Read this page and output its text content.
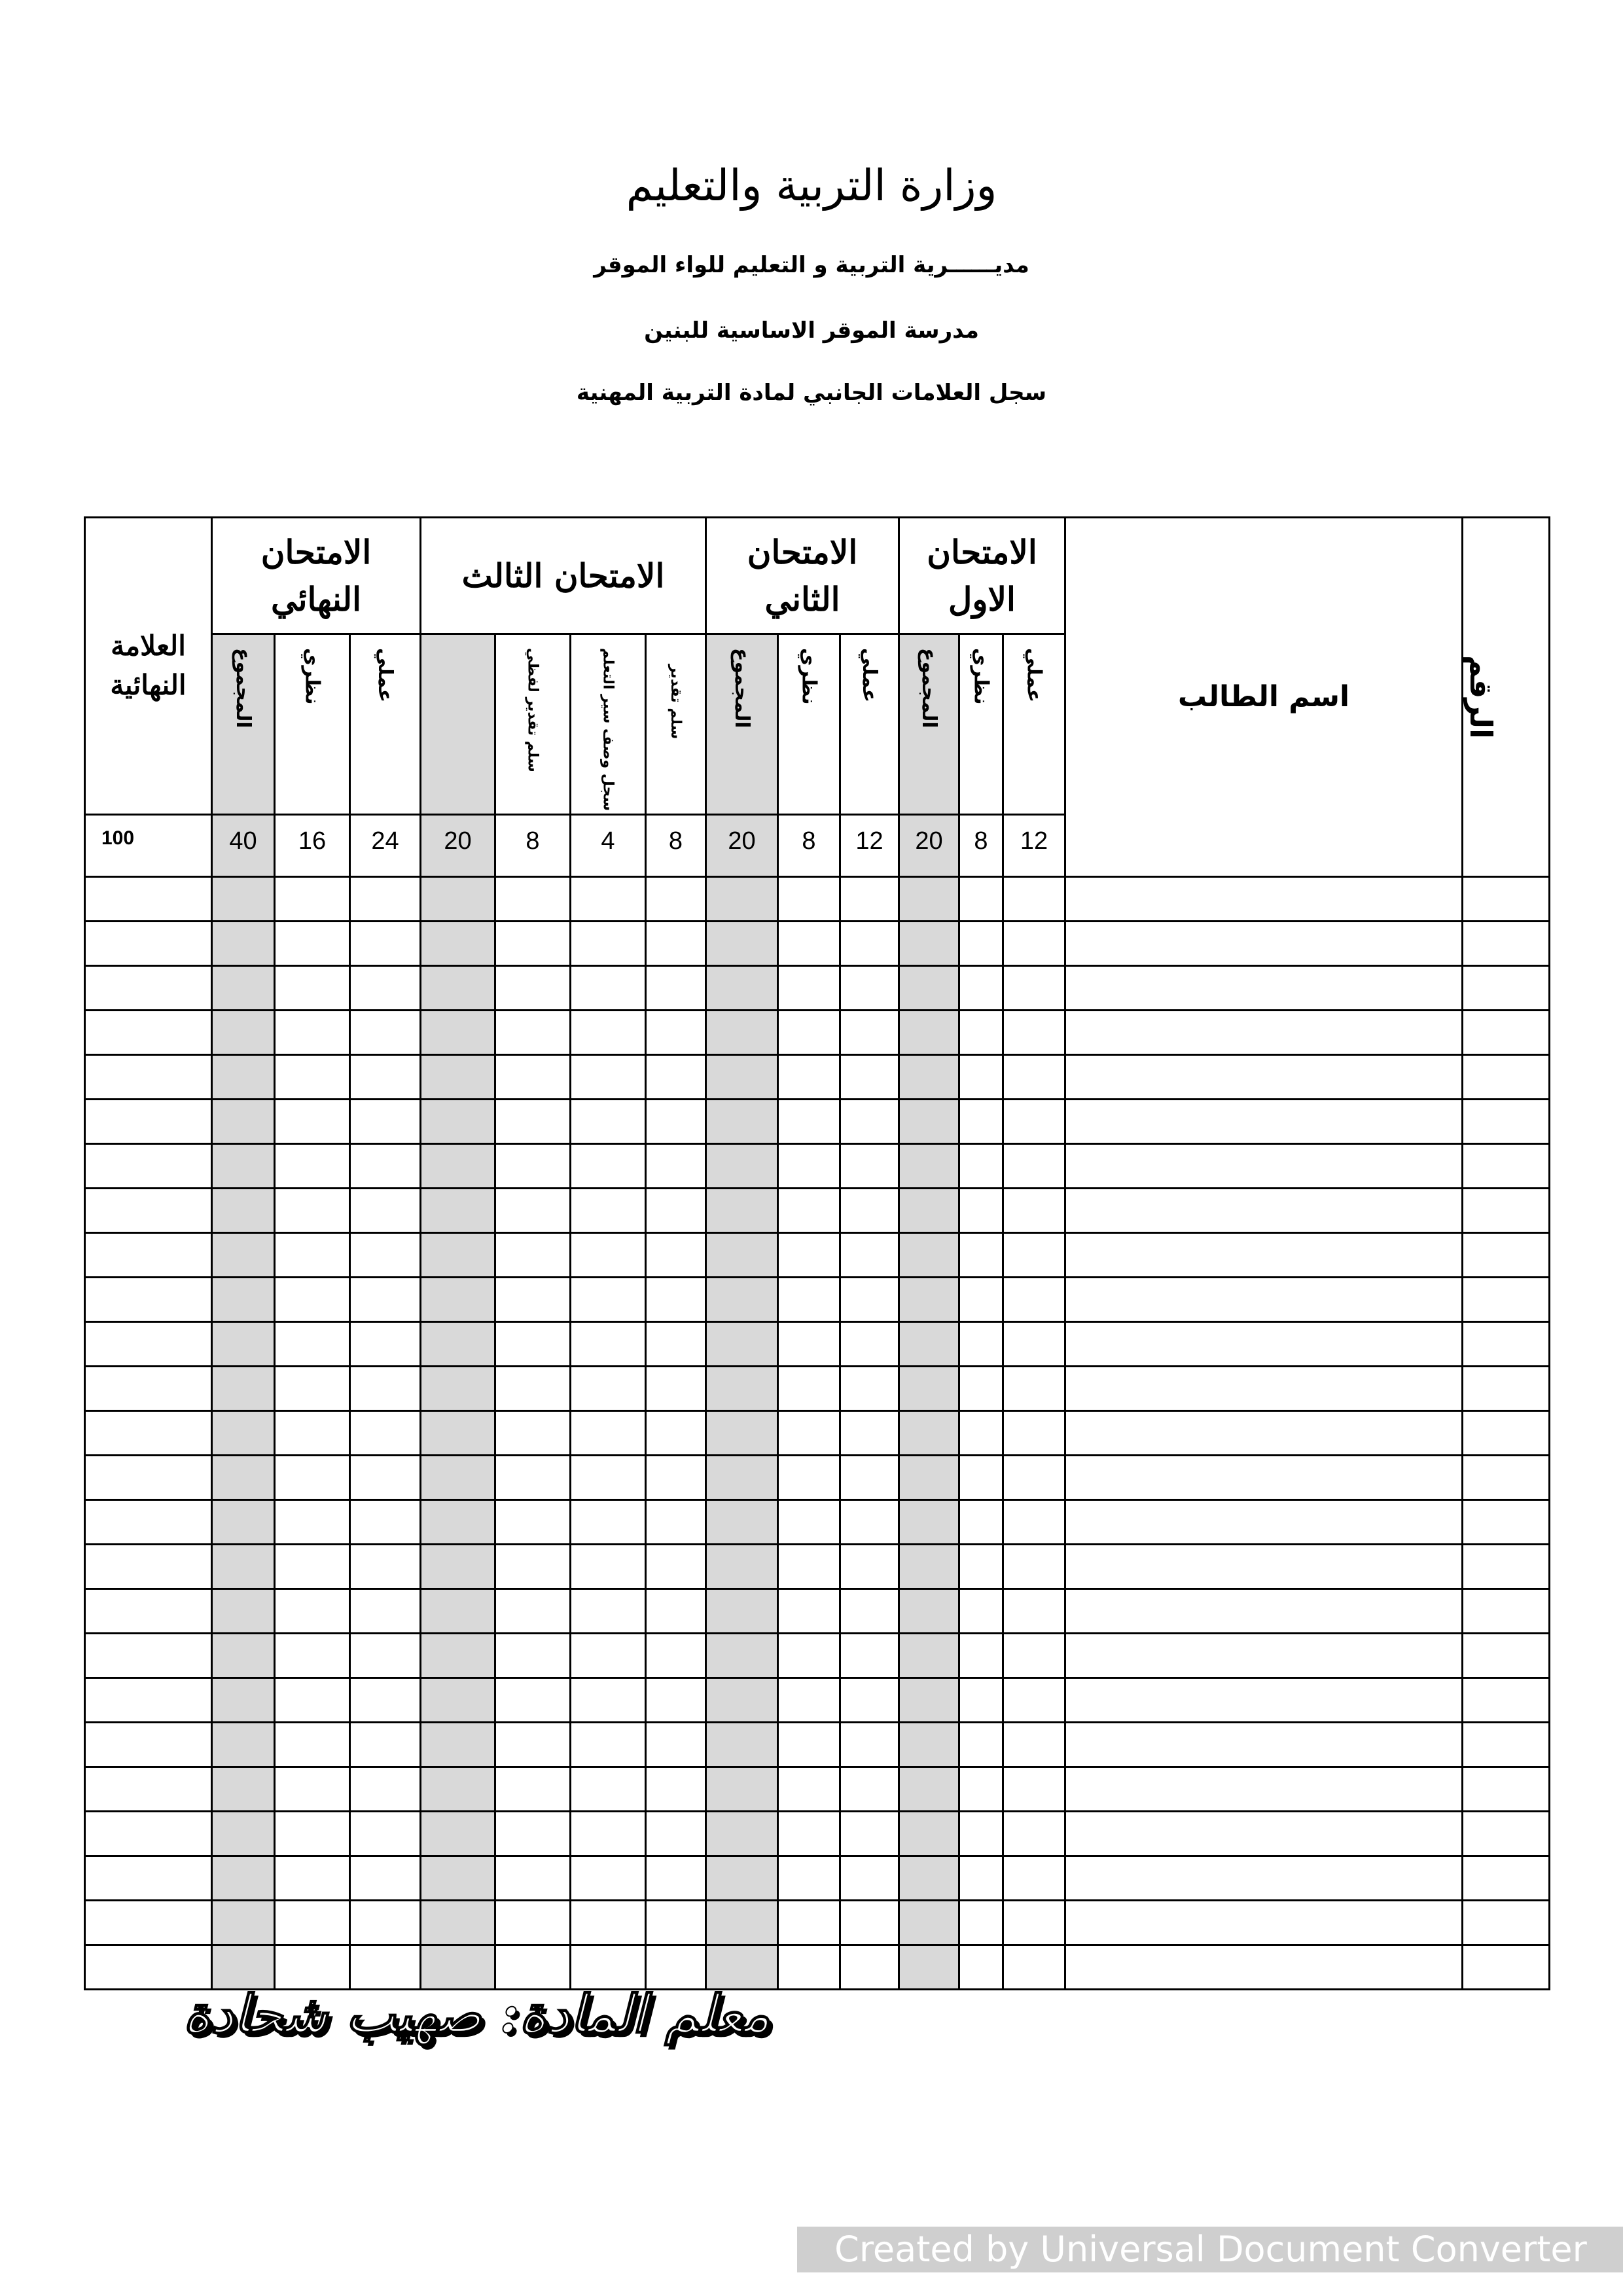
وزارة التربية والتعليم
مديــــــرية التربية و التعليم للواء الموقر
مدرسة الموقر الاساسية للبنين
سجل العلامات الجانبي لمادة التربية المهنية
العلامة النهائية	الامتحان النهائي			الامتحان الثالث				الامتحان الثاني			الامتحان الاول			اسم الطالب	الرقم

	المجموع	نظري	عملي		سلم تقدير لفظي	سجل وصف سير التعلم	سلم تقدير	المجموع	نظري	عملي	المجموع	نظري	عملي		
100	40	16	24	20	8	4	8	20	8	12	20	8	12		

معلم المادة: صهيب شحادة
Created by Universal Document Converter
